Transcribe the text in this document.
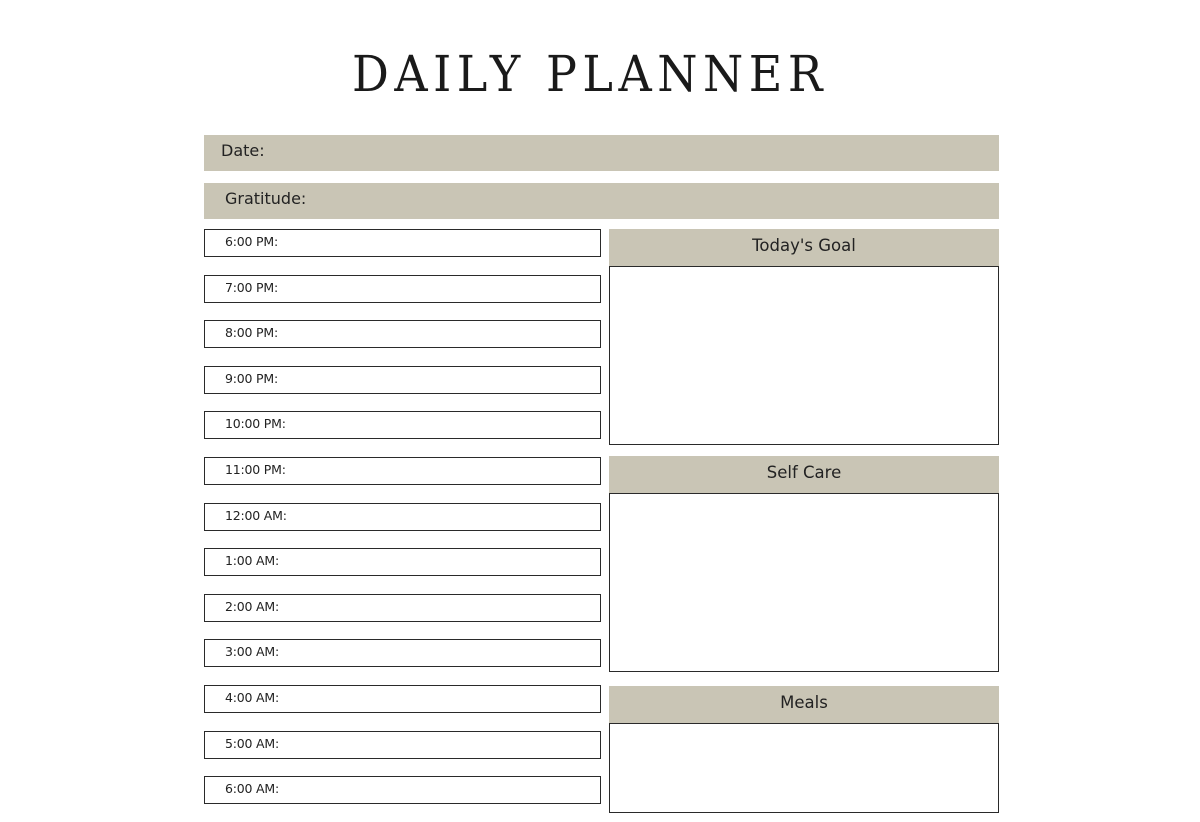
DAILY PLANNER
Date:
Gratitude:
6:00 PM:
7:00 PM:
8:00 PM:
9:00 PM:
10:00 PM:
11:00 PM:
12:00 AM:
1:00 AM:
2:00 AM:
3:00 AM:
4:00 AM:
5:00 AM:
6:00 AM:
Today's Goal
Self Care
Meals
